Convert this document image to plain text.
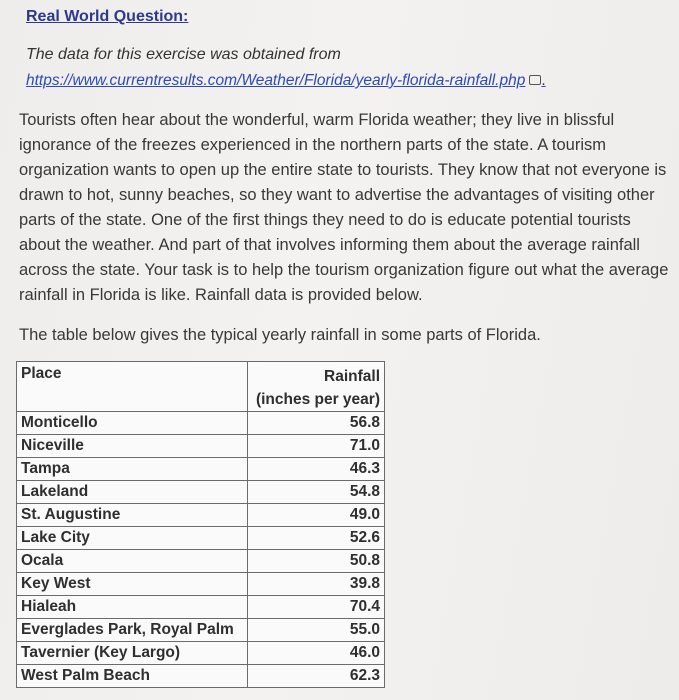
Real World Question:

The data for this exercise was obtained from

https://www.currentresults.com/Weather/Florida/yearly-florida-rainfall.php .

Tourists often hear about the wonderful, warm Florida weather; they live in blissful ignorance of the freezes experienced in the northern parts of the state. A tourism organization wants to open up the entire state to tourists. They know that not everyone is drawn to hot, sunny beaches, so they want to advertise the advantages of visiting other parts of the state. One of the first things they need to do is educate potential tourists about the weather. And part of that involves informing them about the average rainfall across the state. Your task is to help the tourism organization figure out what the average rainfall in Florida is like. Rainfall data is provided below.

The table below gives the typical yearly rainfall in some parts of Florida.

Place	Rainfall
(inches per year)
Monticello	56.8
Niceville	71.0
Tampa	46.3
Lakeland	54.8
St. Augustine	49.0
Lake City	52.6
Ocala	50.8
Key West	39.8
Hialeah	70.4
Everglades Park, Royal Palm	55.0
Tavernier (Key Largo)	46.0
West Palm Beach	62.3
